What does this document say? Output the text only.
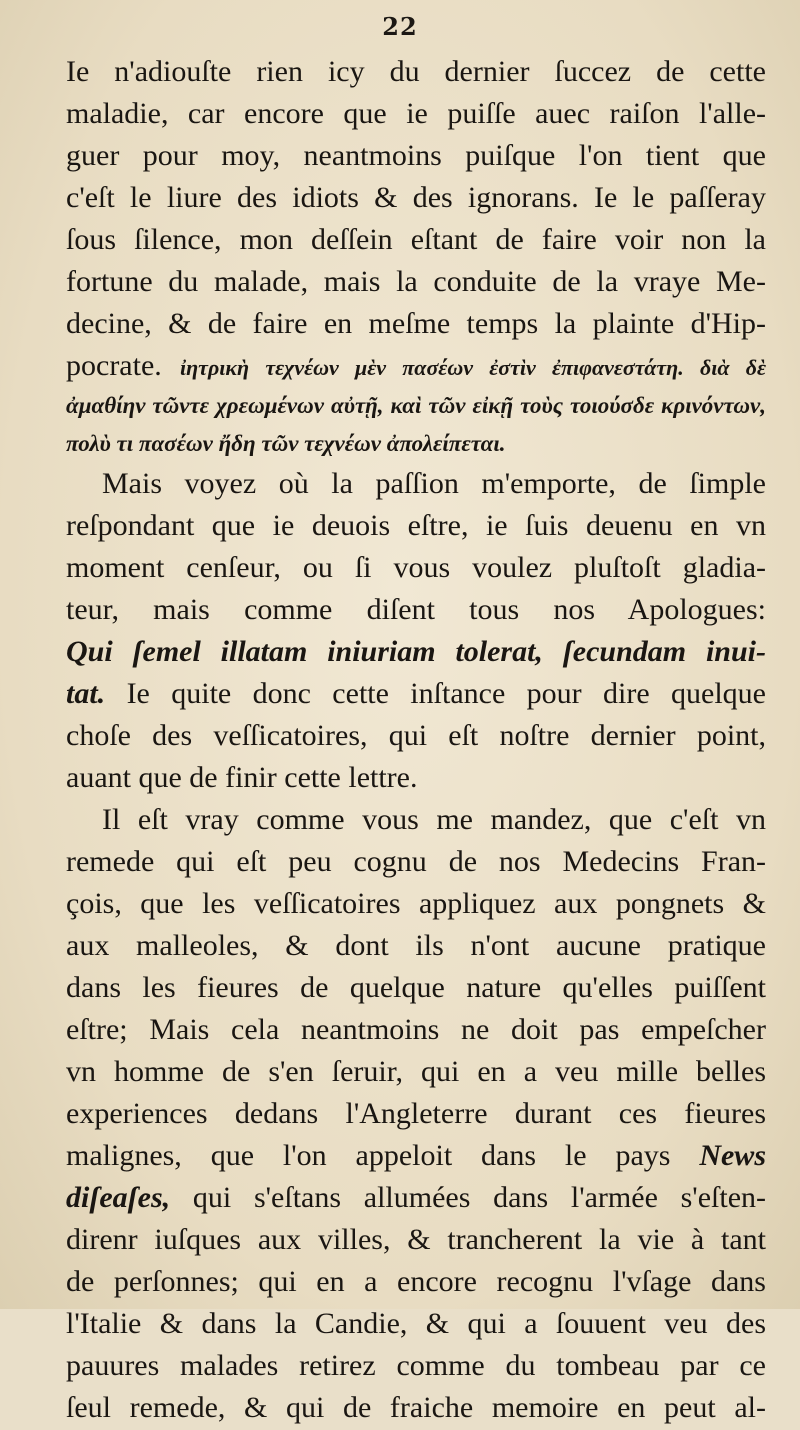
22
Ie n'adiouſte rien icy du dernier ſuccez de cette
maladie, car encore que ie puiſſe auec raiſon l'alle-
guer pour moy, neantmoins puiſque l'on tient que
c'eſt le liure des idiots & des ignorans. Ie le paſſeray
ſous ſilence, mon deſſein eſtant de faire voir non la
fortune du malade, mais la conduite de la vraye Me-
decine, & de faire en meſme temps la plainte d'Hip-
pocrate. ἰητρικὴ τεχνέων μὲν πασέων ἐστὶν ἐπιφανεστάτη. διὰ δὲ
ἀμαθίην τῶντε χρεωμένων αὐτῇ, καὶ τῶν εἰκῇ τοὺς τοιούσδε κρινόντων,
πολὺ τι πασέων ἤδη τῶν τεχνέων ἀπολείπεται.
Mais voyez où la paſſion m'emporte, de ſimple
reſpondant que ie deuois eſtre, ie ſuis deuenu en vn
moment cenſeur, ou ſi vous voulez pluſtoſt gladia-
teur, mais comme diſent tous nos Apologues:
Qui ſemel illatam iniuriam tolerat, ſecundam inui-
tat. Ie quite donc cette inſtance pour dire quelque
choſe des veſſicatoires, qui eſt noſtre dernier point,
auant que de finir cette lettre.
Il eſt vray comme vous me mandez, que c'eſt vn
remede qui eſt peu cognu de nos Medecins Fran-
çois, que les veſſicatoires appliquez aux pongnets &
aux malleoles, & dont ils n'ont aucune pratique
dans les fieures de quelque nature qu'elles puiſſent
eſtre; Mais cela neantmoins ne doit pas empeſcher
vn homme de s'en ſeruir, qui en a veu mille belles
experiences dedans l'Angleterre durant ces fieures
malignes, que l'on appeloit dans le pays News
diſeaſes, qui s'eſtans allumées dans l'armée s'eſten-
direnr iuſques aux villes, & trancherent la vie à tant
de perſonnes; qui en a encore recognu l'vſage dans
l'Italie & dans la Candie, & qui a ſouuent veu des
pauures malades retirez comme du tombeau par ce
ſeul remede, & qui de fraiche memoire en peut al-
